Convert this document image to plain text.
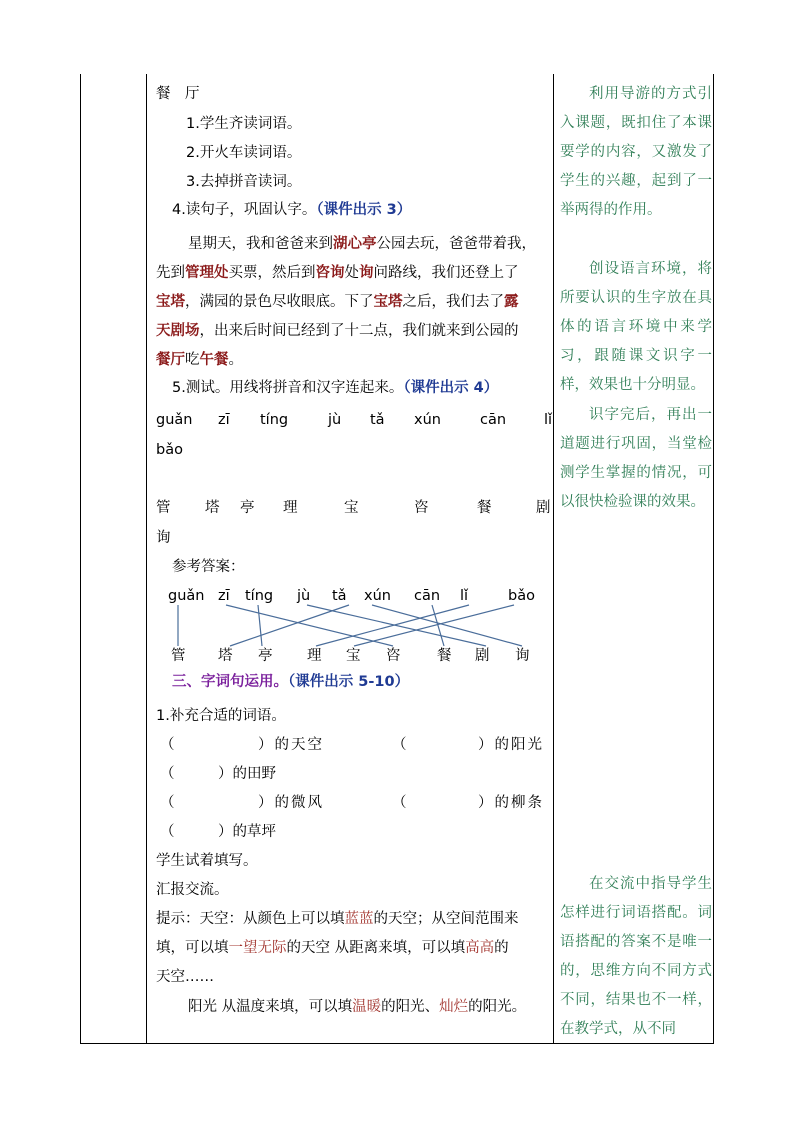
餐　厅
1.学生齐读词语。
2.开火车读词语。
3.去掉拼音读词。
4.读句子，巩固认字。（课件出示 3）
星期天，我和爸爸来到湖心亭公园去玩，爸爸带着我，
先到管理处买票，然后到咨询处询问路线，我们还登上了
宝塔，满园的景色尽收眼底。下了宝塔之后，我们去了露
天剧场，出来后时间已经到了十二点，我们就来到公园的
餐厅吃午餐。
5.测试。用线将拼音和汉字连起来。（课件出示 4）
guǎn zī tíng	jù tǎ xún	cān	lǐ
bǎo
管 塔 亭 理	宝	咨	餐	剧
询
参考答案：
guǎn zī tíng jù tǎ xún cān lǐ	bǎo
管 塔 亭 理 宝 咨	餐 剧 询
三、字词句运用。（课件出示 5-10）
1.补充合适的词语。
（	）的天空	（	）的阳光
（	）的田野
（	）的微风	（	）的柳条
（	）的草坪
学生试着填写。
汇报交流。
提示：天空：从颜色上可以填蓝蓝的天空；从空间范围来
填，可以填一望无际的天空 从距离来填，可以填高高的
天空……
阳光 从温度来填，可以填温暖的阳光、灿烂的阳光。

利用导游的方式引入课题，既扣住了本课要学的内容，又激发了学生的兴趣，起到了一举两得的作用。

创设语言环境，将所要认识的生字放在具体的语言环境中来学习，跟随课文识字一样，效果也十分明显。

识字完后，再出一道题进行巩固，当堂检测学生掌握的情况，可以很快检验课的效果。

在交流中指导学生怎样进行词语搭配。词语搭配的答案不是唯一的，思维方向不同方式不同，结果也不一样，在教学式，从不同
